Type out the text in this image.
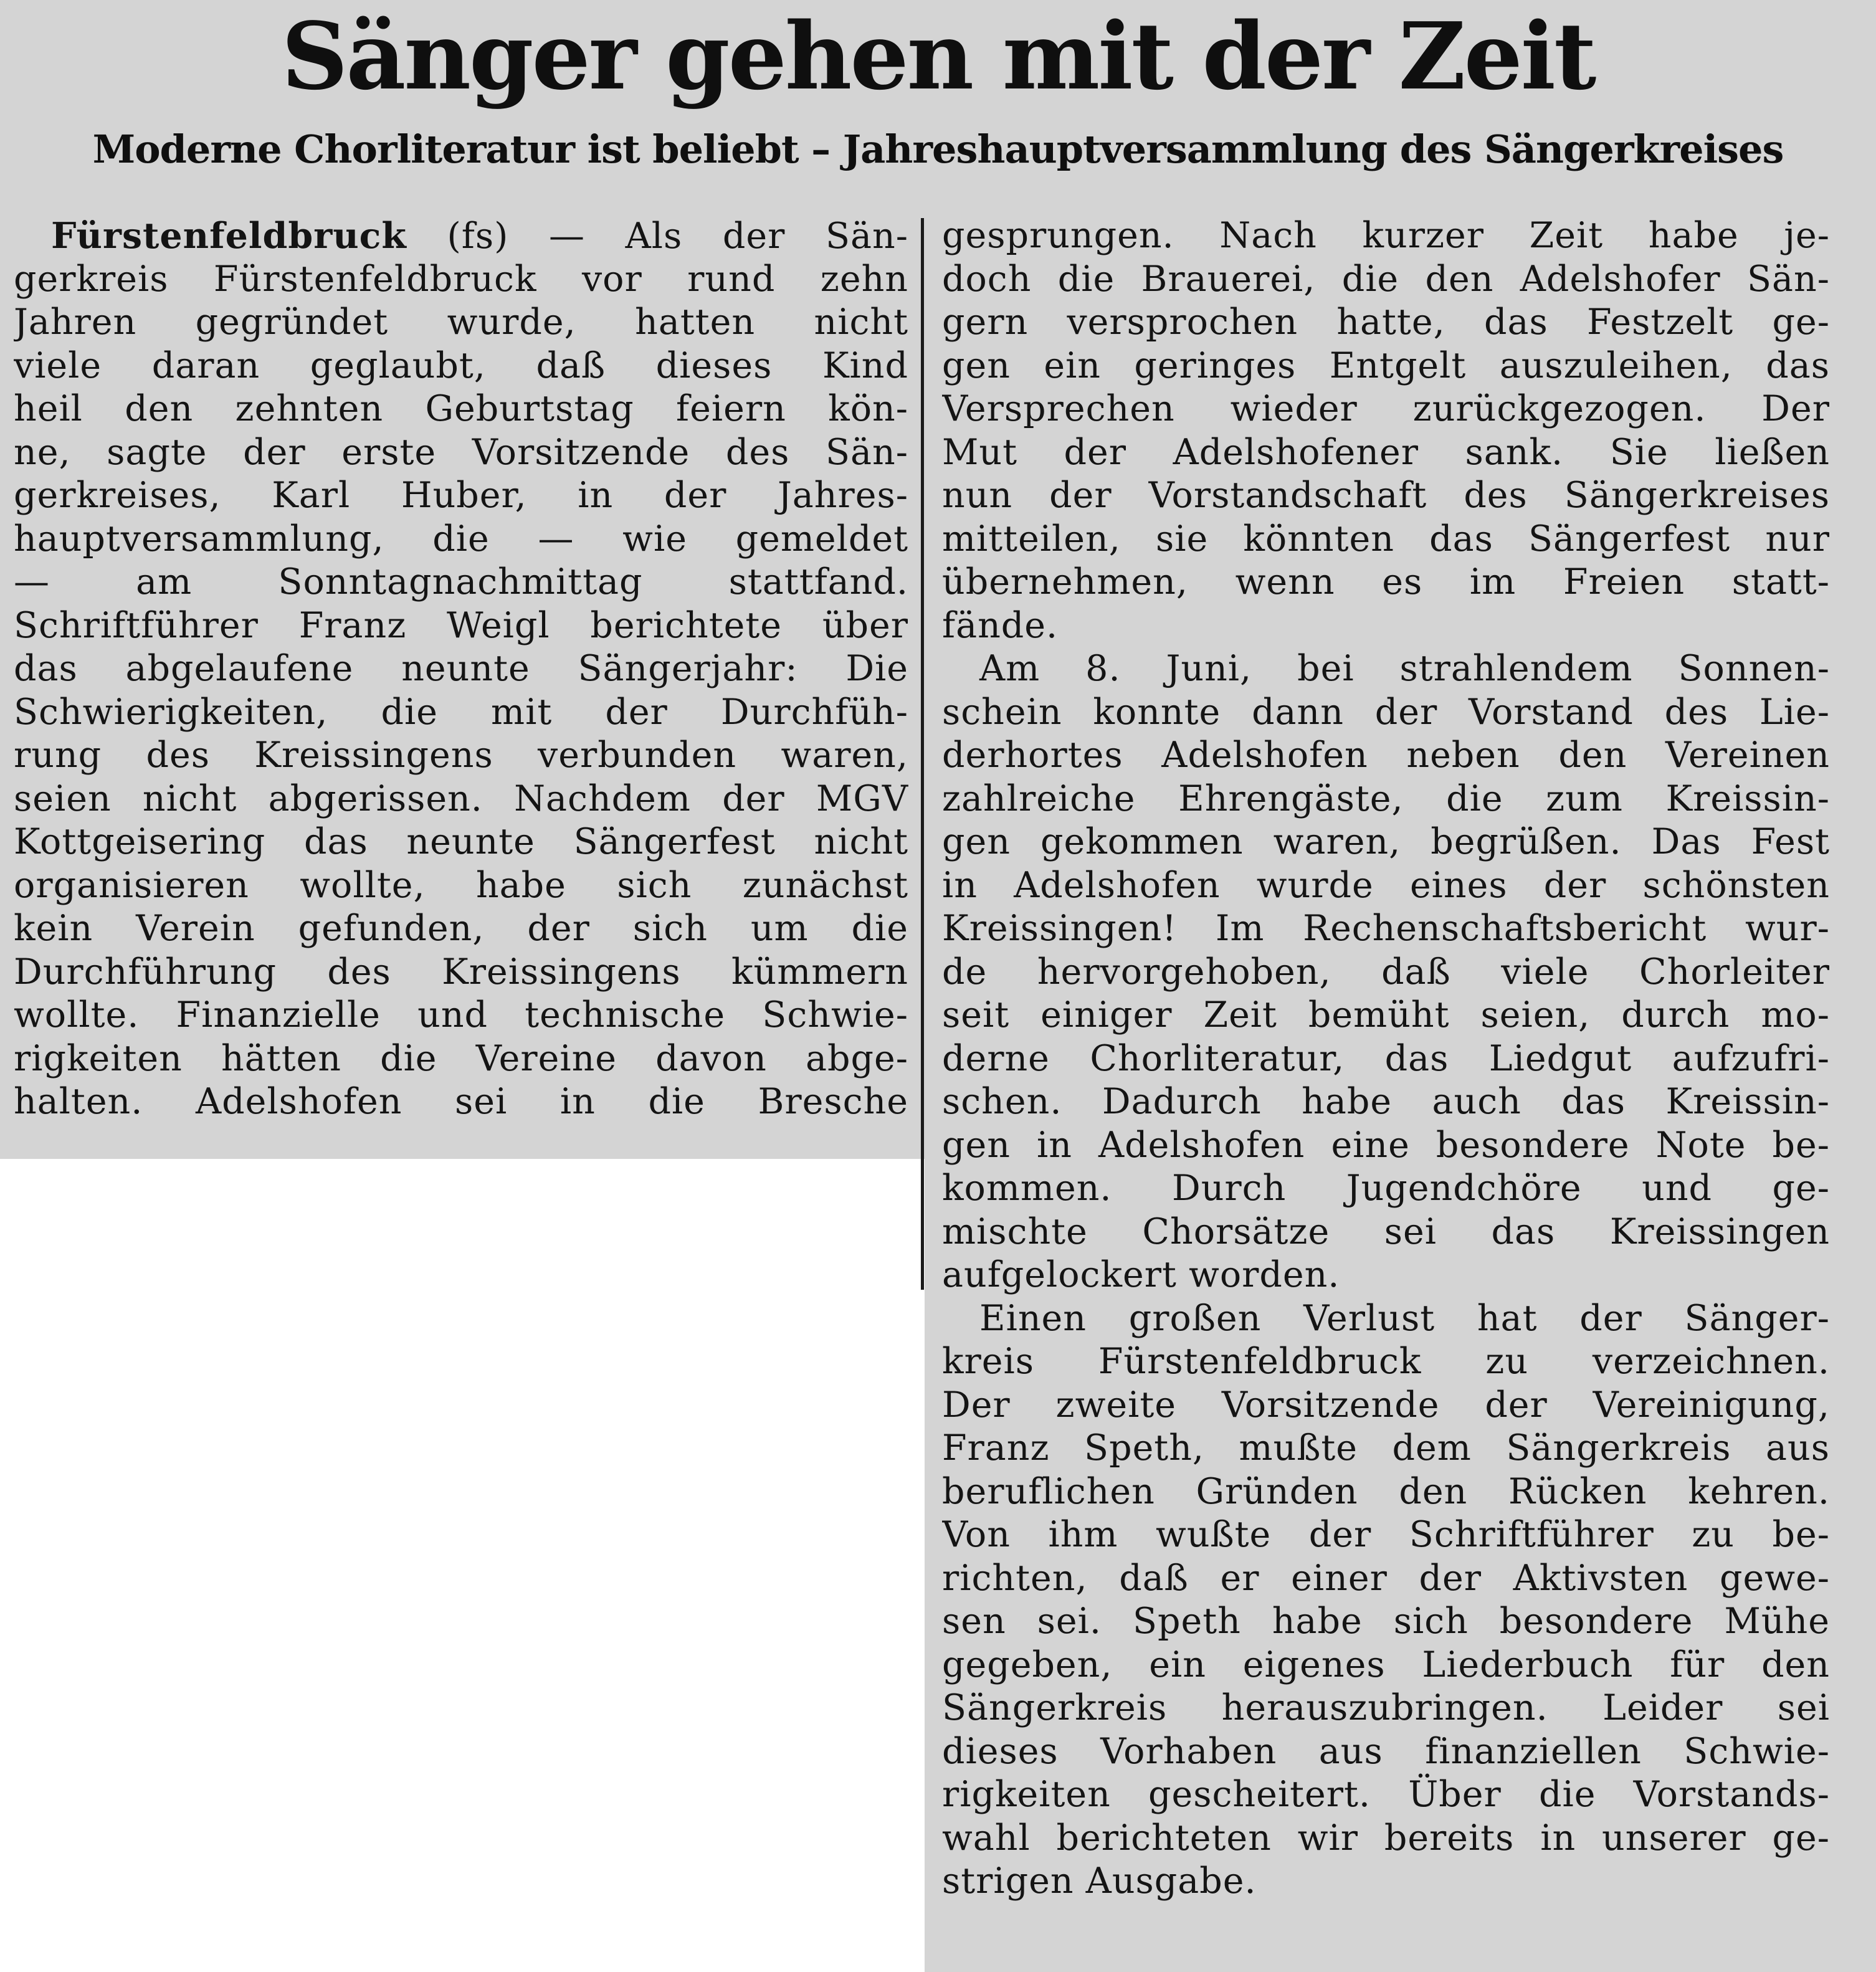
Sänger gehen mit der Zeit
Moderne Chorliteratur ist beliebt – Jahreshauptversammlung des Sängerkreises
Fürstenfeldbruck (fs) — Als der Sän-
gerkreis Fürstenfeldbruck vor rund zehn
Jahren gegründet wurde, hatten nicht
viele daran geglaubt, daß dieses Kind
heil den zehnten Geburtstag feiern kön-
ne, sagte der erste Vorsitzende des Sän-
gerkreises, Karl Huber, in der Jahres-
hauptversammlung, die — wie gemeldet
— am Sonntagnachmittag stattfand.
Schriftführer Franz Weigl berichtete über
das abgelaufene neunte Sängerjahr: Die
Schwierigkeiten, die mit der Durchfüh-
rung des Kreissingens verbunden waren,
seien nicht abgerissen. Nachdem der MGV
Kottgeisering das neunte Sängerfest nicht
organisieren wollte, habe sich zunächst
kein Verein gefunden, der sich um die
Durchführung des Kreissingens kümmern
wollte. Finanzielle und technische Schwie-
rigkeiten hätten die Vereine davon abge-
halten. Adelshofen sei in die Bresche
gesprungen. Nach kurzer Zeit habe je-
doch die Brauerei, die den Adelshofer Sän-
gern versprochen hatte, das Festzelt ge-
gen ein geringes Entgelt auszuleihen, das
Versprechen wieder zurückgezogen. Der
Mut der Adelshofener sank. Sie ließen
nun der Vorstandschaft des Sängerkreises
mitteilen, sie könnten das Sängerfest nur
übernehmen, wenn es im Freien statt-
fände.
Am 8. Juni, bei strahlendem Sonnen-
schein konnte dann der Vorstand des Lie-
derhortes Adelshofen neben den Vereinen
zahlreiche Ehrengäste, die zum Kreissin-
gen gekommen waren, begrüßen. Das Fest
in Adelshofen wurde eines der schönsten
Kreissingen! Im Rechenschaftsbericht wur-
de hervorgehoben, daß viele Chorleiter
seit einiger Zeit bemüht seien, durch mo-
derne Chorliteratur, das Liedgut aufzufri-
schen. Dadurch habe auch das Kreissin-
gen in Adelshofen eine besondere Note be-
kommen. Durch Jugendchöre und ge-
mischte Chorsätze sei das Kreissingen
aufgelockert worden.
Einen großen Verlust hat der Sänger-
kreis Fürstenfeldbruck zu verzeichnen.
Der zweite Vorsitzende der Vereinigung,
Franz Speth, mußte dem Sängerkreis aus
beruflichen Gründen den Rücken kehren.
Von ihm wußte der Schriftführer zu be-
richten, daß er einer der Aktivsten gewe-
sen sei. Speth habe sich besondere Mühe
gegeben, ein eigenes Liederbuch für den
Sängerkreis herauszubringen. Leider sei
dieses Vorhaben aus finanziellen Schwie-
rigkeiten gescheitert. Über die Vorstands-
wahl berichteten wir bereits in unserer ge-
strigen Ausgabe.
